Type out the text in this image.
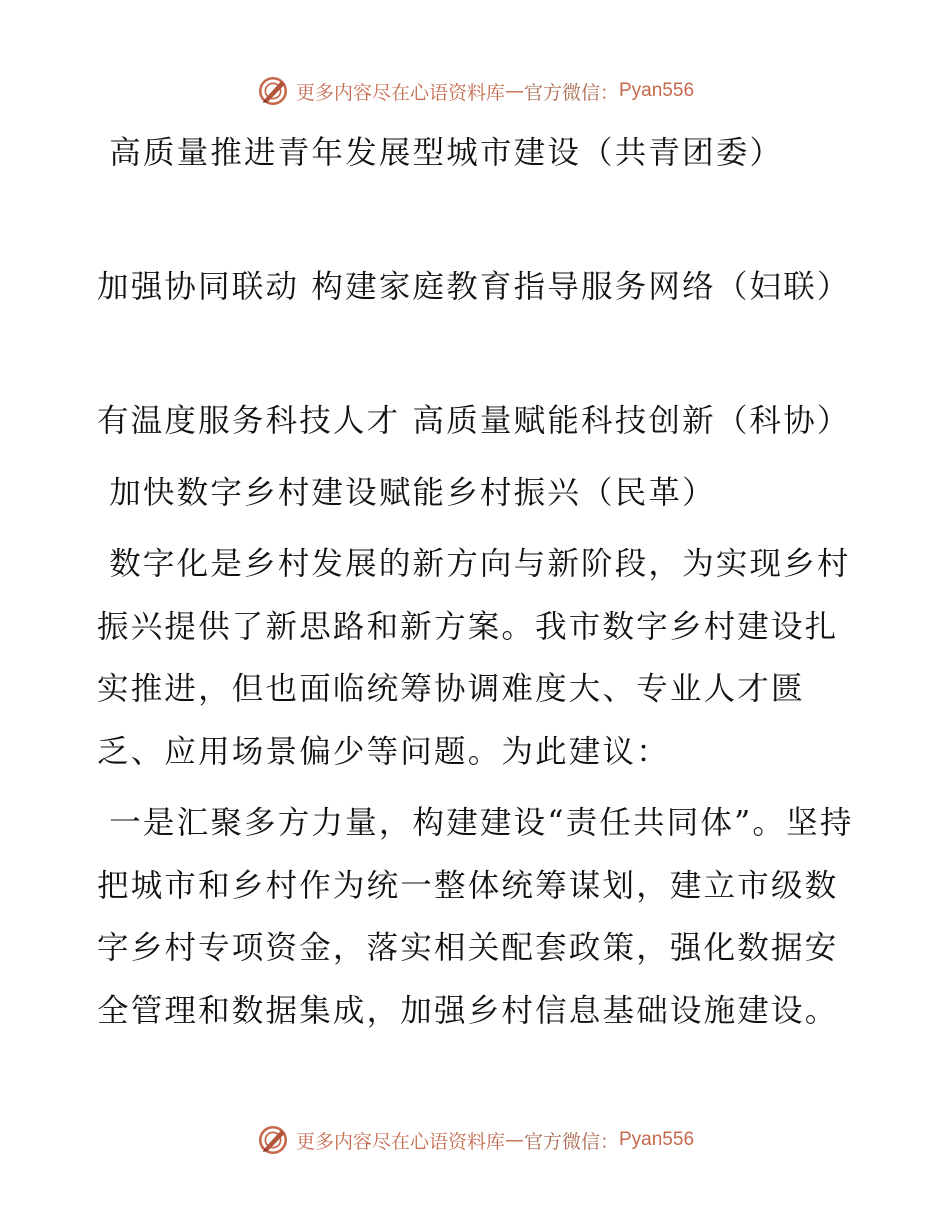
更多内容尽在心语资料库 — 官方微信： Pyan556

高质量推进青年发展型城市建设（共青团委）

加强协同联动 构建家庭教育指导服务网络（妇联）

有温度服务科技人才 高质量赋能科技创新（科协）

加快数字乡村建设赋能乡村振兴（民革）

数字化是乡村发展的新方向与新阶段，为实现乡村振兴提供了新思路和新方案。我市数字乡村建设扎实推进，但也面临统筹协调难度大、专业人才匮乏、应用场景偏少等问题。为此建议：

一是汇聚多方力量，构建建设“责任共同体”。坚持把城市和乡村作为统一整体统筹谋划，建立市级数字乡村专项资金，落实相关配套政策，强化数据安全管理和数据集成，加强乡村信息基础设施建设。

更多内容尽在心语资料库 — 官方微信： Pyan556
